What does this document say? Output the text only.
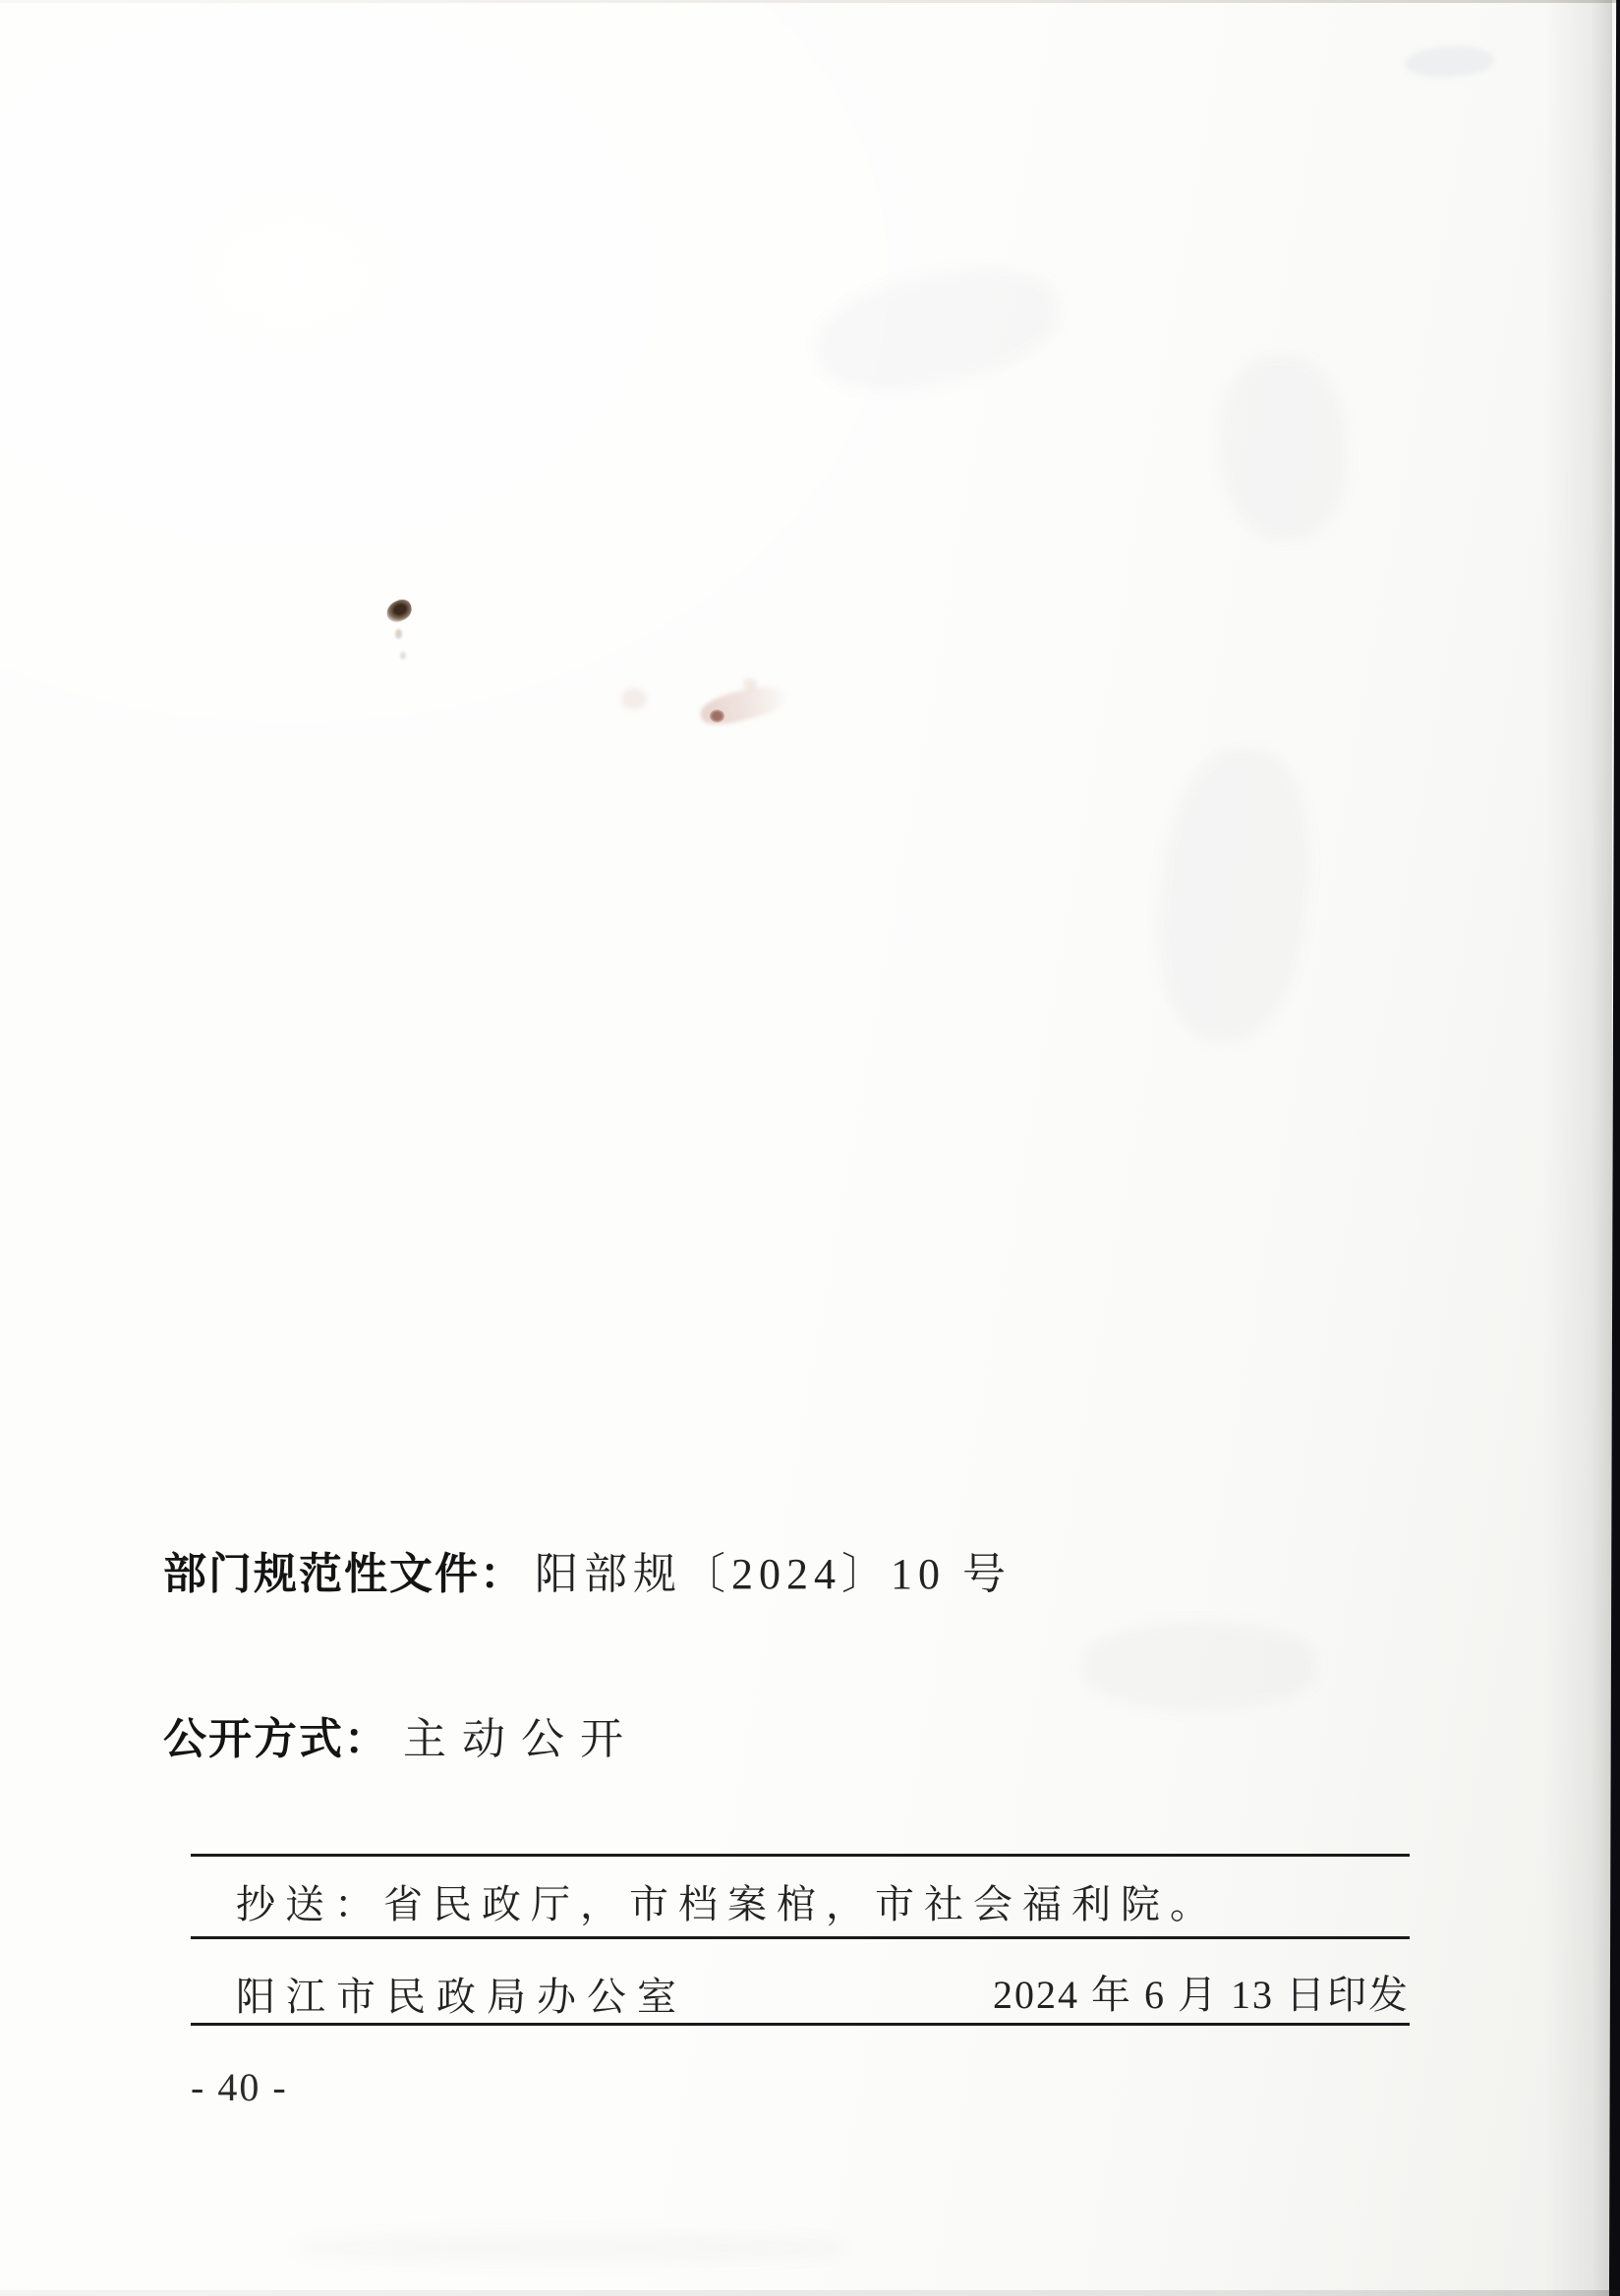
部门规范性文件： 阳部规〔2024〕10 号
公开方式： 主动公开
抄送：省民政厅，市档案棺，市社会福利院。
阳江市民政局办公室	2024 年 6 月 13 日印发
- 40 -
